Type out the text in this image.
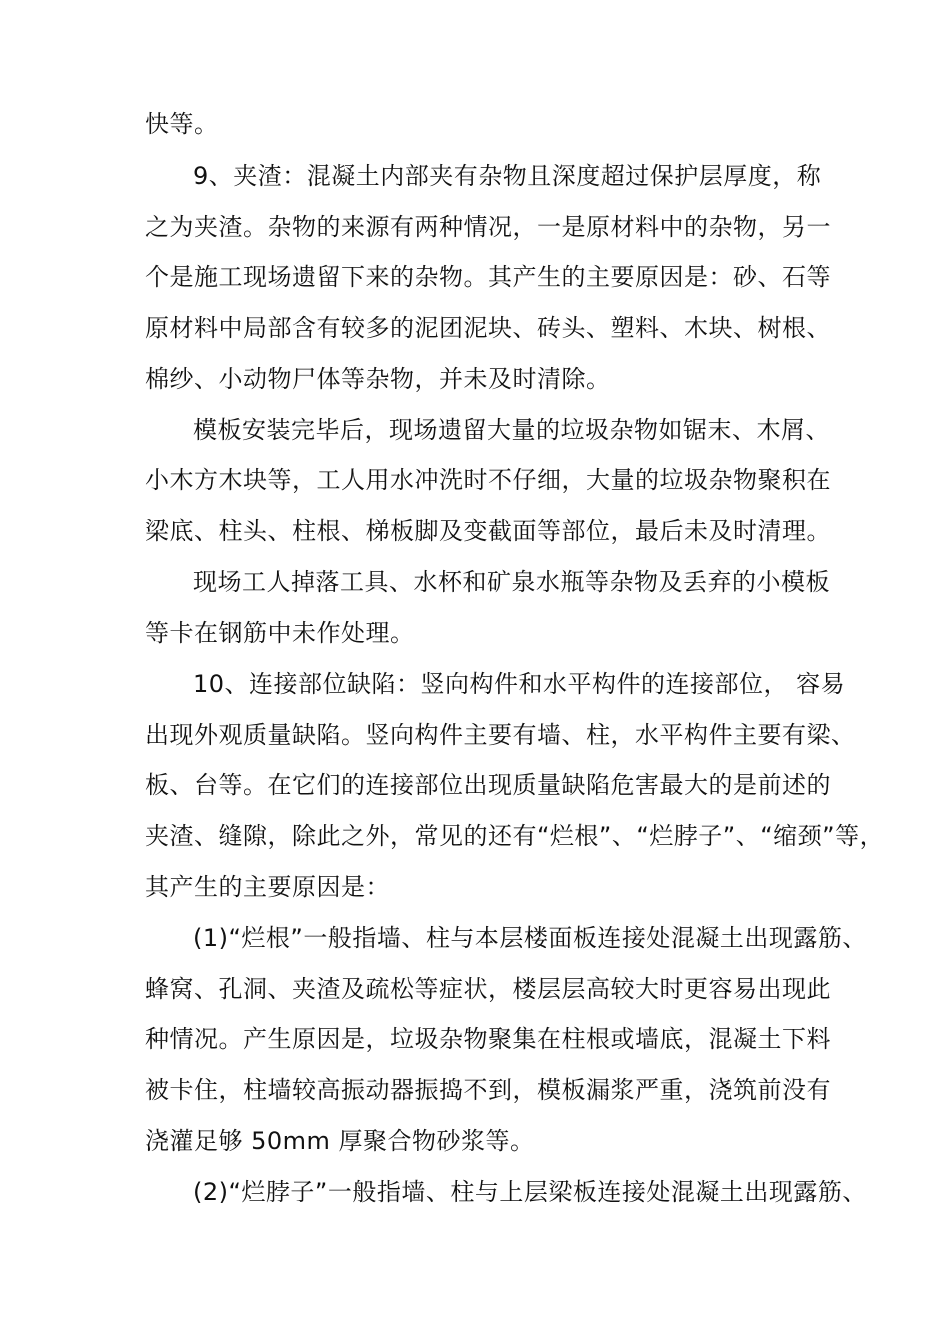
快等。
9、夹渣：混凝土内部夹有杂物且深度超过保护层厚度，称
之为夹渣。杂物的来源有两种情况，一是原材料中的杂物，另一
个是施工现场遗留下来的杂物。其产生的主要原因是：砂、石等
原材料中局部含有较多的泥团泥块、砖头、塑料、木块、树根、
棉纱、小动物尸体等杂物，并未及时清除。
模板安装完毕后，现场遗留大量的垃圾杂物如锯末、木屑、
小木方木块等，工人用水冲洗时不仔细，大量的垃圾杂物聚积在
梁底、柱头、柱根、梯板脚及变截面等部位，最后未及时清理。
现场工人掉落工具、水杯和矿泉水瓶等杂物及丢弃的小模板
等卡在钢筋中未作处理。
10、连接部位缺陷：竖向构件和水平构件的连接部位， 容易
出现外观质量缺陷。竖向构件主要有墙、柱，水平构件主要有梁、
板、台等。在它们的连接部位出现质量缺陷危害最大的是前述的
夹渣、缝隙，除此之外，常见的还有“烂根”、“烂脖子”、“缩颈”等，
其产生的主要原因是：
(1)“烂根”一般指墙、柱与本层楼面板连接处混凝土出现露筋、
蜂窝、孔洞、夹渣及疏松等症状，楼层层高较大时更容易出现此
种情况。产生原因是，垃圾杂物聚集在柱根或墙底，混凝土下料
被卡住，柱墙较高振动器振捣不到，模板漏浆严重，浇筑前没有
浇灌足够 50mm 厚聚合物砂浆等。
(2)“烂脖子”一般指墙、柱与上层梁板连接处混凝土出现露筋、
